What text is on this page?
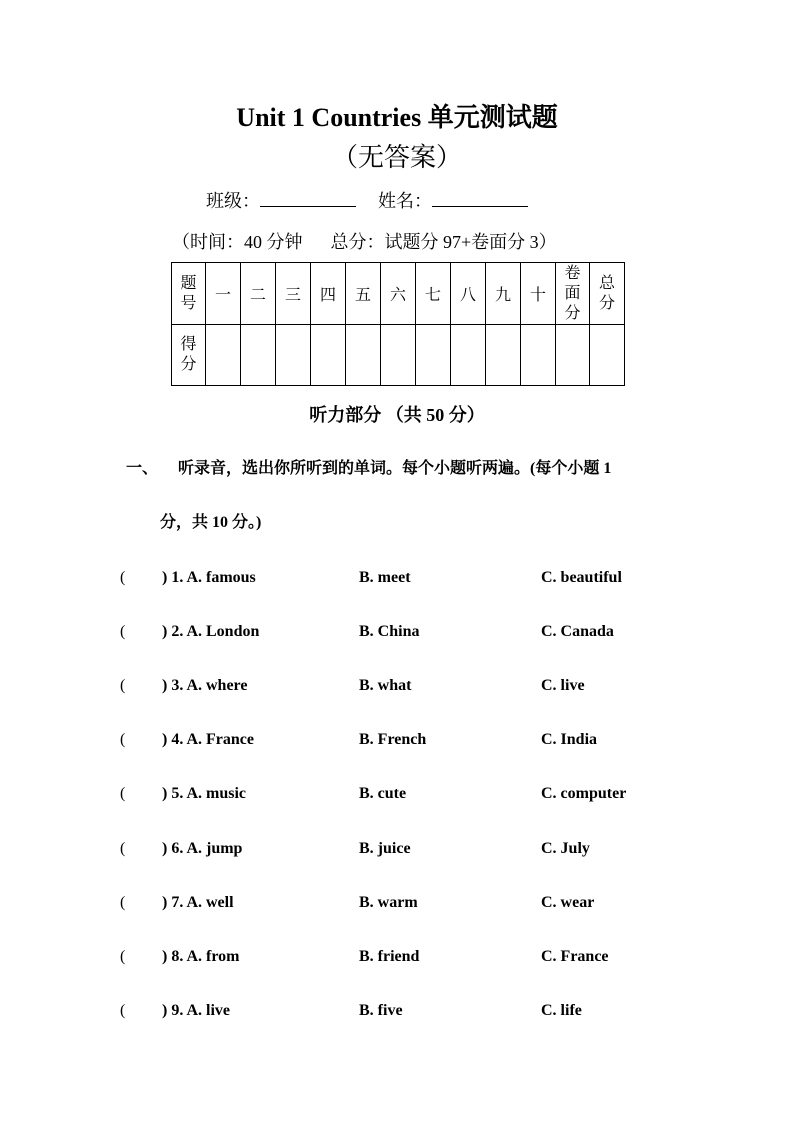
Unit 1 Countries 单元测试题
（无答案）
班级：	姓名：
（时间：40 分钟 总分：试题分 97+卷面分 3）
题号	一	二	三	四	五	六	七	八	九	十	卷面分	总分
得分												
听力部分 （共 50 分）
一、 听录音，选出你所听到的单词。每个小题听两遍。(每个小题 1
分，共 10 分。)
( ) 1. A. famous	B. meet	C. beautiful
( ) 2. A. London	B. China	C. Canada
( ) 3. A. where	B. what	C. live
( ) 4. A. France	B. French	C. India
( ) 5. A. music	B. cute	C. computer
( ) 6. A. jump	B. juice	C. July
( ) 7. A. well	B. warm	C. wear
( ) 8. A. from	B. friend	C. France
( ) 9. A. live	B. five	C. life
